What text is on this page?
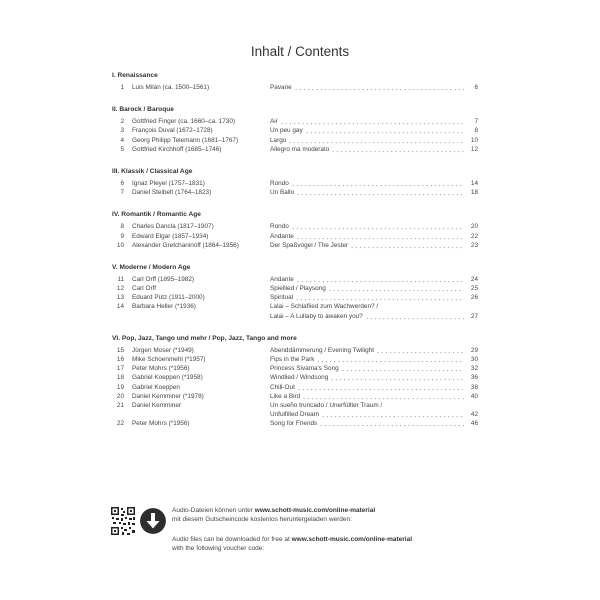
Inhalt / Contents
I. Renaissance
1 Luis Milán (ca. 1500–1561)	Pavane	6
II. Barock / Baroque
2 Gottfried Finger (ca. 1660–ca. 1730)	Air	7
3 François Duval (1672–1728)	Un peu gay	8
4 Georg Philipp Telemann (1681–1767)	Largo	10
5 Gottfried Kirchhoff (1685–1746)	Allegro ma moderato	12
III. Klassik / Classical Age
6 Ignaz Pleyel (1757–1831)	Rondo	14
7 Daniel Steibelt (1764–1823)	Un Ballo	18
IV. Romantik / Romantic Age
8 Charles Dancla (1817–1907)	Rondo	20
9 Edward Elgar (1857–1934)	Andante	22
10 Alexander Gretchaninoff (1864–1956)	Der Spaßvogel / The Jester	23
V. Moderne / Modern Age
11 Carl Orff (1895–1982)	Andante	24
12 Carl Orff	Spiellied / Playsong	25
13 Eduard Pütz (1911–2000)	Spiritual	26
14 Barbara Heller (*1936)	Lalai – Schlaflied zum Wachwerden? /
Lalai – A Lullaby to awaken you?	27
VI. Pop, Jazz, Tango und mehr / Pop, Jazz, Tango and more
15 Jürgen Moser (*1949)	Abenddämmerung / Evening Twilight	29
16 Mike Schoenmehl (*1957)	Fips in the Park	30
17 Peter Mohrs (*1956)	Princess Sivama's Song	32
18 Gabriel Koeppen (*1958)	Windlied / Windsong	36
19 Gabriel Koeppen	Chill-Out	38
20 Daniel Kemminer (*1978)	Like a Bird	40
21 Daniel Kemminer	Un sueño truncado / Unerfüllter Traum /
Unfulfilled Dream	42
22 Peter Mohrs (*1956)	Song for Friends	46
Audio-Dateien können unter www.schott-music.com/online-material
mit diesem Gutscheincode kostenlos heruntergeladen werden:
Audio files can be downloaded for free at www.schott-music.com/online-material
with the following voucher code:
